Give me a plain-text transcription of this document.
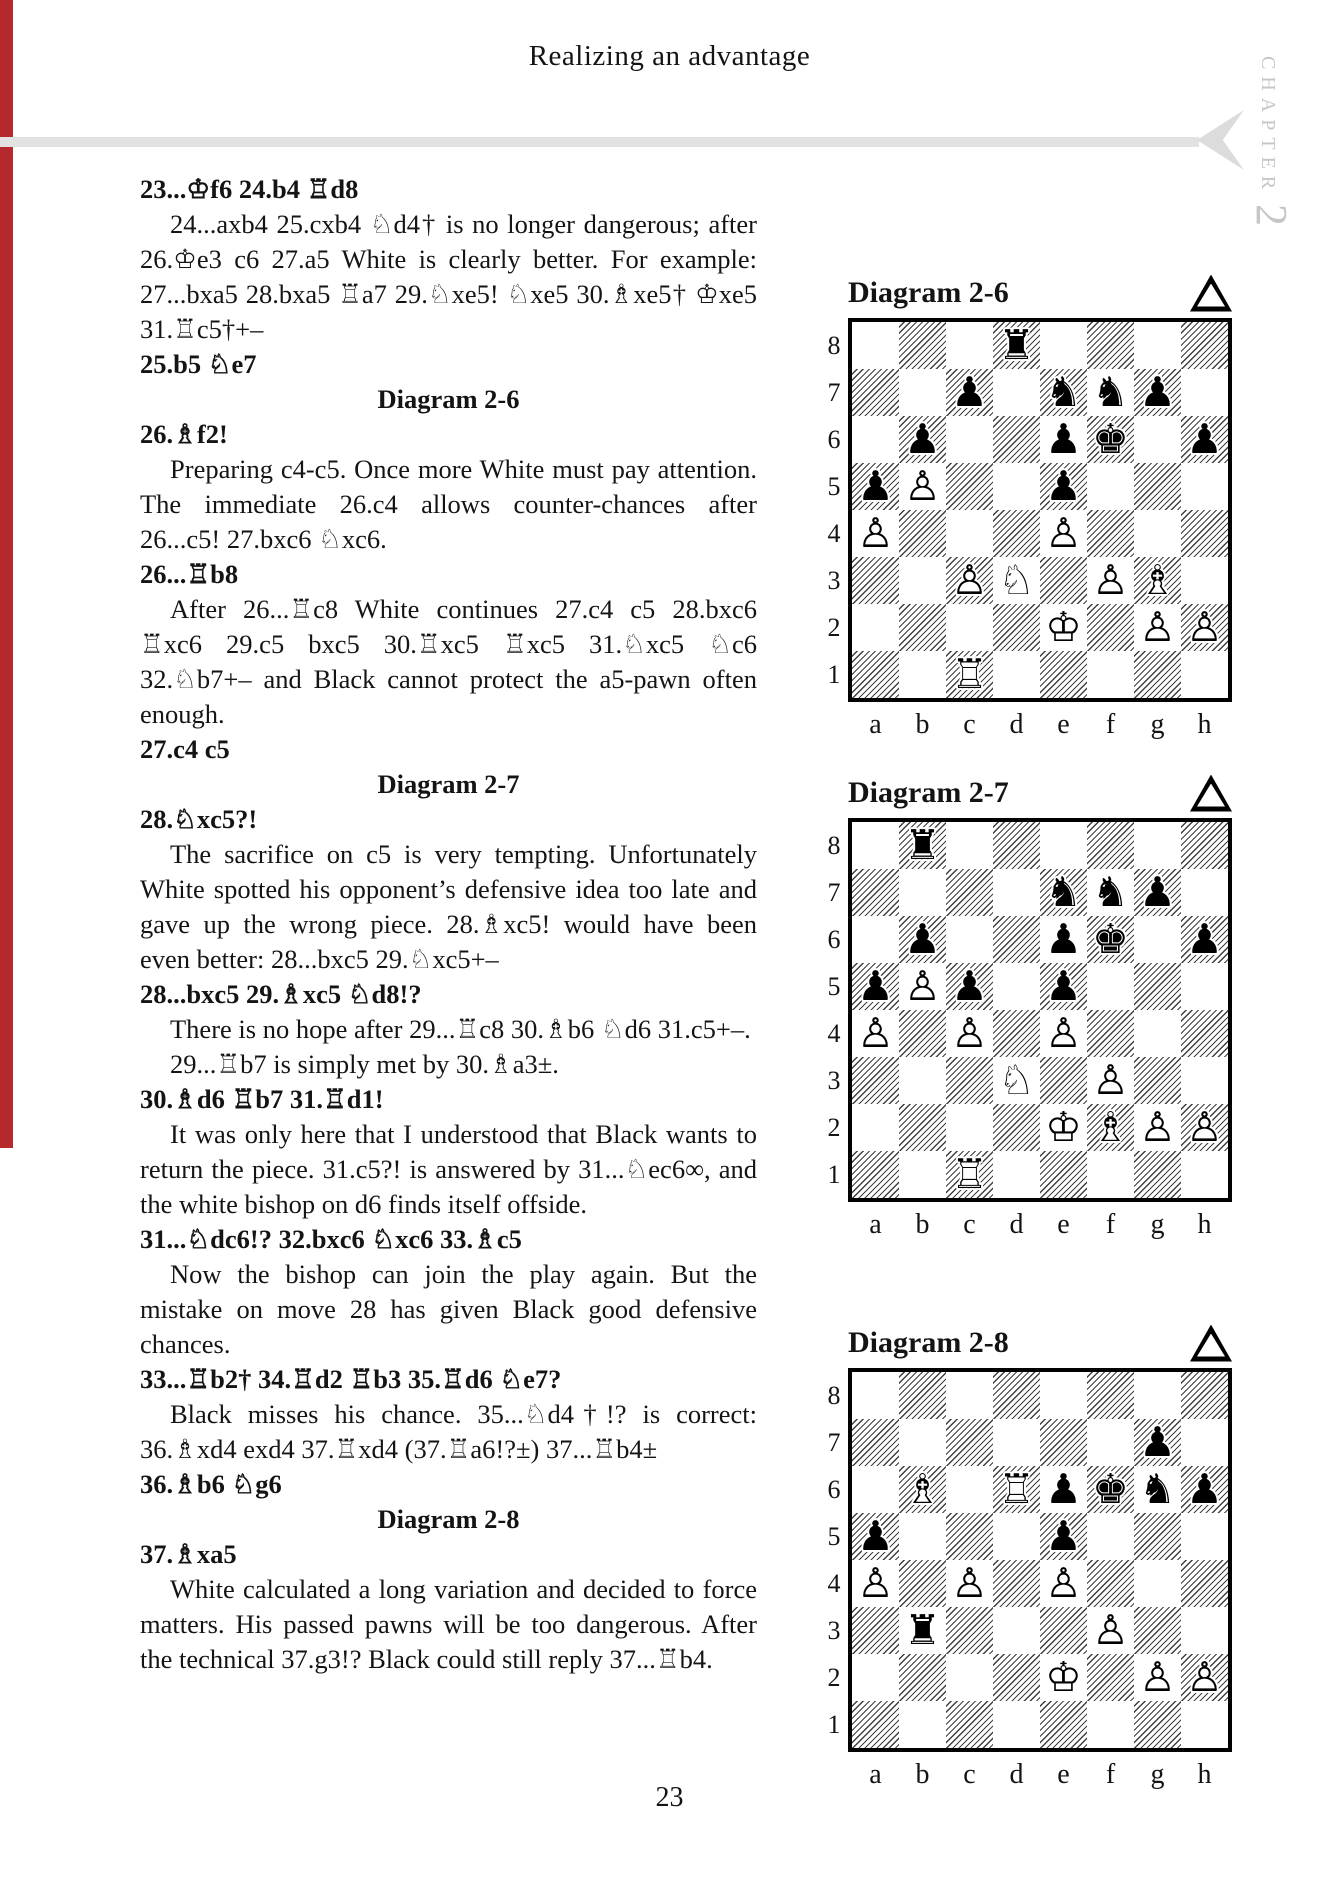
Realizing an advantage	CHAPTER
2

23...♔f6 24.b4 ♖d8

24...axb4 25.cxb4 ♘d4† is no longer dangerous; after 26.♔e3 c6 27.a5 White is clearly better. For example: 27...bxa5 28.bxa5 ♖a7 29.♘xe5! ♘xe5 30.♗xe5† ♔xe5 31.♖c5†+–

25.b5 ♘e7

Diagram 2-6

26.♗f2!

Preparing c4-c5. Once more White must pay attention. The immediate 26.c4 allows counter-chances after 26...c5! 27.bxc6 ♘xc6.

26...♖b8

After 26...♖c8 White continues 27.c4 c5 28.bxc6 ♖xc6 29.c5 bxc5 30.♖xc5 ♖xc5 31.♘xc5 ♘c6 32.♘b7+– and Black cannot protect the a5-pawn often enough.

27.c4 c5

Diagram 2-7

28.♘xc5?!

The sacrifice on c5 is very tempting. Unfortunately White spotted his opponent’s defensive idea too late and gave up the wrong piece. 28.♗xc5! would have been even better: 28...bxc5 29.♘xc5+–

28...bxc5 29.♗xc5 ♘d8!?

There is no hope after 29...♖c8 30.♗b6 ♘d6 31.c5+–.

29...♖b7 is simply met by 30.♗a3±.

30.♗d6 ♖b7 31.♖d1!

It was only here that I understood that Black wants to return the piece. 31.c5?! is answered by 31...♘ec6∞, and the white bishop on d6 finds itself offside.

31...♘dc6!? 32.bxc6 ♘xc6 33.♗c5

Now the bishop can join the play again. But the mistake on move 28 has given Black good defensive chances.

33...♖b2† 34.♖d2 ♖b3 35.♖d6 ♘e7?

Black misses his chance. 35...♘d4†!? is correct: 36.♗xd4 exd4 37.♖xd4 (37.♖a6!?±) 37...♖b4±

36.♗b6 ♘g6

Diagram 2-8

37.♗xa5

White calculated a long variation and decided to force matters. His passed pawns will be too dangerous. After the technical 37.g3!? Black could still reply 37...♖b4.

Diagram 2-6
8
7
6
5
4
3
2
1
♜ ♜
♟ ♟
♞ ♞
♞ ♞
♟ ♟
♟ ♟
♟ ♟
♚ ♚
♟ ♟
♟ ♟
♟ ♙
♟ ♟
♟ ♙
♟ ♙
♟ ♙
♞ ♘
♟ ♙
♝ ♗
♚ ♔
♟ ♙
♟ ♙
♜ ♖
a	b	c	d	e	f	g	h
Diagram 2-7
8
7
6
5
4
3
2
1
♜ ♜
♞ ♞
♞ ♞
♟ ♟
♟ ♟
♟ ♟
♚ ♚
♟ ♟
♟ ♟
♟ ♙
♟ ♟
♟ ♟
♟ ♙
♟ ♙
♟ ♙
♞ ♘
♟ ♙
♚ ♔
♝ ♗
♟ ♙
♟ ♙
♜ ♖
a	b	c	d	e	f	g	h
Diagram 2-8
8
7
6
5
4
3
2
1
♟ ♟
♝ ♗
♜ ♖
♟ ♟
♚ ♚
♞ ♞
♟ ♟
♟ ♟
♟ ♟
♟ ♙
♟ ♙
♟ ♙
♜ ♜
♟ ♙
♚ ♔
♟ ♙
♟ ♙
a	b	c	d	e	f	g	h
23
